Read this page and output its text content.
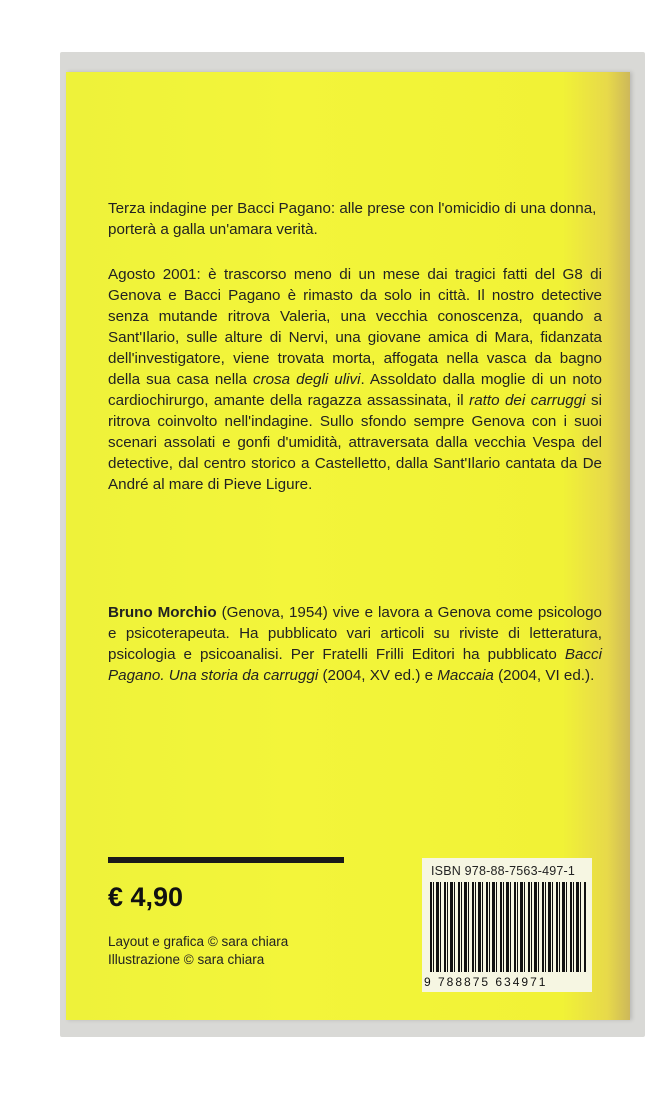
Terza indagine per Bacci Pagano: alle prese con l'omicidio di una donna, porterà a galla un'amara verità.

Agosto 2001: è trascorso meno di un mese dai tragici fatti del G8 di Genova e Bacci Pagano è rimasto da solo in città. Il nostro detective senza mutande ritrova Valeria, una vecchia conoscenza, quando a Sant'Ilario, sulle alture di Nervi, una giovane amica di Mara, fidanzata dell'investigatore, viene trovata morta, affogata nella vasca da bagno della sua casa nella crosa degli ulivi. Assoldato dalla moglie di un noto cardiochirurgo, amante della ragazza assassinata, il ratto dei carruggi si ritrova coinvolto nell'indagine. Sullo sfondo sempre Genova con i suoi scenari assolati e gonfi d'umidità, attraversata dalla vecchia Vespa del detective, dal centro storico a Castelletto, dalla Sant'Ilario cantata da De André al mare di Pieve Ligure.

Bruno Morchio (Genova, 1954) vive e lavora a Genova come psicologo e psicoterapeuta. Ha pubblicato vari articoli su riviste di letteratura, psicologia e psicoanalisi. Per Fratelli Frilli Editori ha pubblicato Bacci Pagano. Una storia da carruggi (2004, XV ed.) e Maccaia (2004, VI ed.).

€ 4,90
Layout e grafica © sara chiara
Illustrazione © sara chiara
ISBN 978-88-7563-497-1
9 788875 634971
